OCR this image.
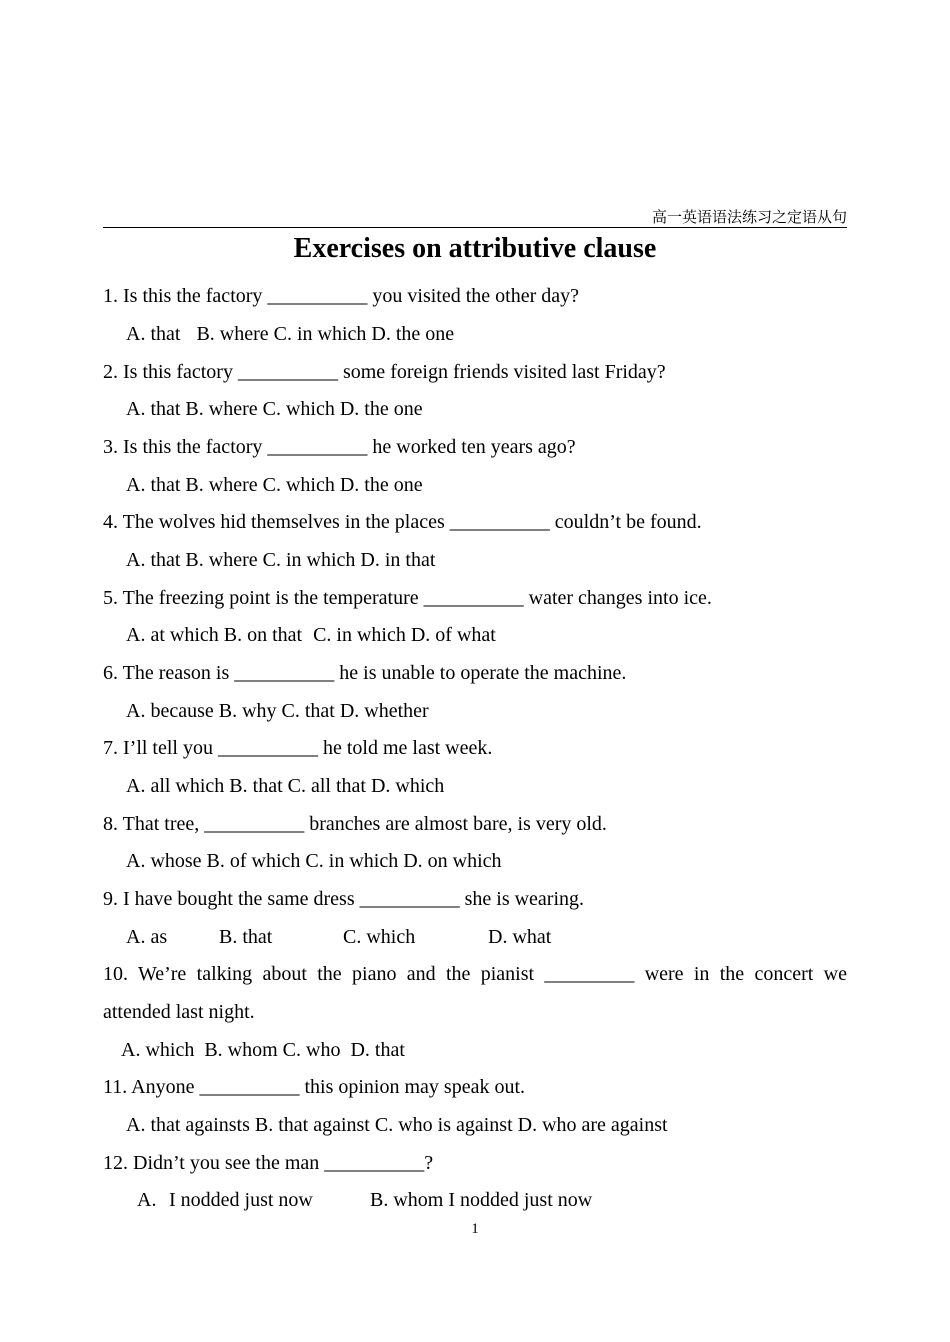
高一英语语法练习之定语从句
Exercises on attributive clause
1. Is this the factory __________ you visited the other day?
A. that B. where C. in which D. the one
2. Is this factory __________ some foreign friends visited last Friday?
A. that B. where C. which D. the one
3. Is this the factory __________ he worked ten years ago?
A. that B. where C. which D. the one
4. The wolves hid themselves in the places __________ couldn’t be found.
A. that B. where C. in which D. in that
5. The freezing point is the temperature __________ water changes into ice.
A. at which B. on that C. in which D. of what
6. The reason is __________ he is unable to operate the machine.
A. because B. why C. that D. whether
7. I’ll tell you __________ he told me last week.
A. all which B. that C. all that D. which
8. That tree, __________ branches are almost bare, is very old.
A. whose B. of which C. in which D. on which
9. I have bought the same dress __________ she is wearing.
A. as	B. that	C. which	D. what
10. We’re talking about the piano and the pianist _________ were in the concert we
attended last night.
A. which B. whom C. who D. that
11. Anyone __________ this opinion may speak out.
A. that againsts B. that against C. who is against D. who are against
12. Didn’t you see the man __________?
A. I nodded just now	B. whom I nodded just now
1
